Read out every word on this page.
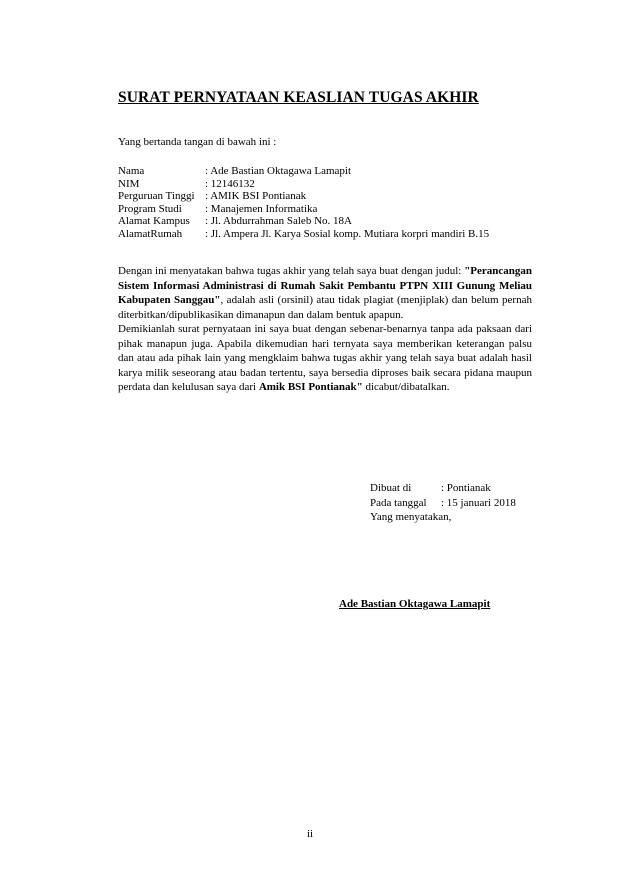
SURAT PERNYATAAN KEASLIAN TUGAS AKHIR
Yang bertanda tangan di bawah ini :
Nama	: Ade Bastian Oktagawa Lamapit
NIM	: 12146132
Perguruan Tinggi : AMIK BSI Pontianak
Program Studi	: Manajemen Informatika
Alamat Kampus	: Jl. Abdurrahman Saleb No. 18A
AlamatRumah	: Jl. Ampera Jl. Karya Sosial komp. Mutiara korpri mandiri B.15
Dengan ini menyatakan bahwa tugas akhir yang telah saya buat dengan judul: "Perancangan Sistem Informasi Administrasi di Rumah Sakit Pembantu PTPN XIII Gunung Meliau Kabupaten Sanggau", adalah asli (orsinil) atau tidak plagiat (menjiplak) dan belum pernah diterbitkan/dipublikasikan dimanapun dan dalam bentuk apapun.
Demikianlah surat pernyataan ini saya buat dengan sebenar-benarnya tanpa ada paksaan dari pihak manapun juga. Apabila dikemudian hari ternyata saya memberikan keterangan palsu dan atau ada pihak lain yang mengklaim bahwa tugas akhir yang telah saya buat adalah hasil karya milik seseorang atau badan tertentu, saya bersedia diproses baik secara pidana maupun perdata dan kelulusan saya dari Amik BSI Pontianak" dicabut/dibatalkan.
Dibuat di	: Pontianak
Pada tanggal	: 15 januari 2018
Yang menyatakan,
Ade Bastian Oktagawa Lamapit
ii
